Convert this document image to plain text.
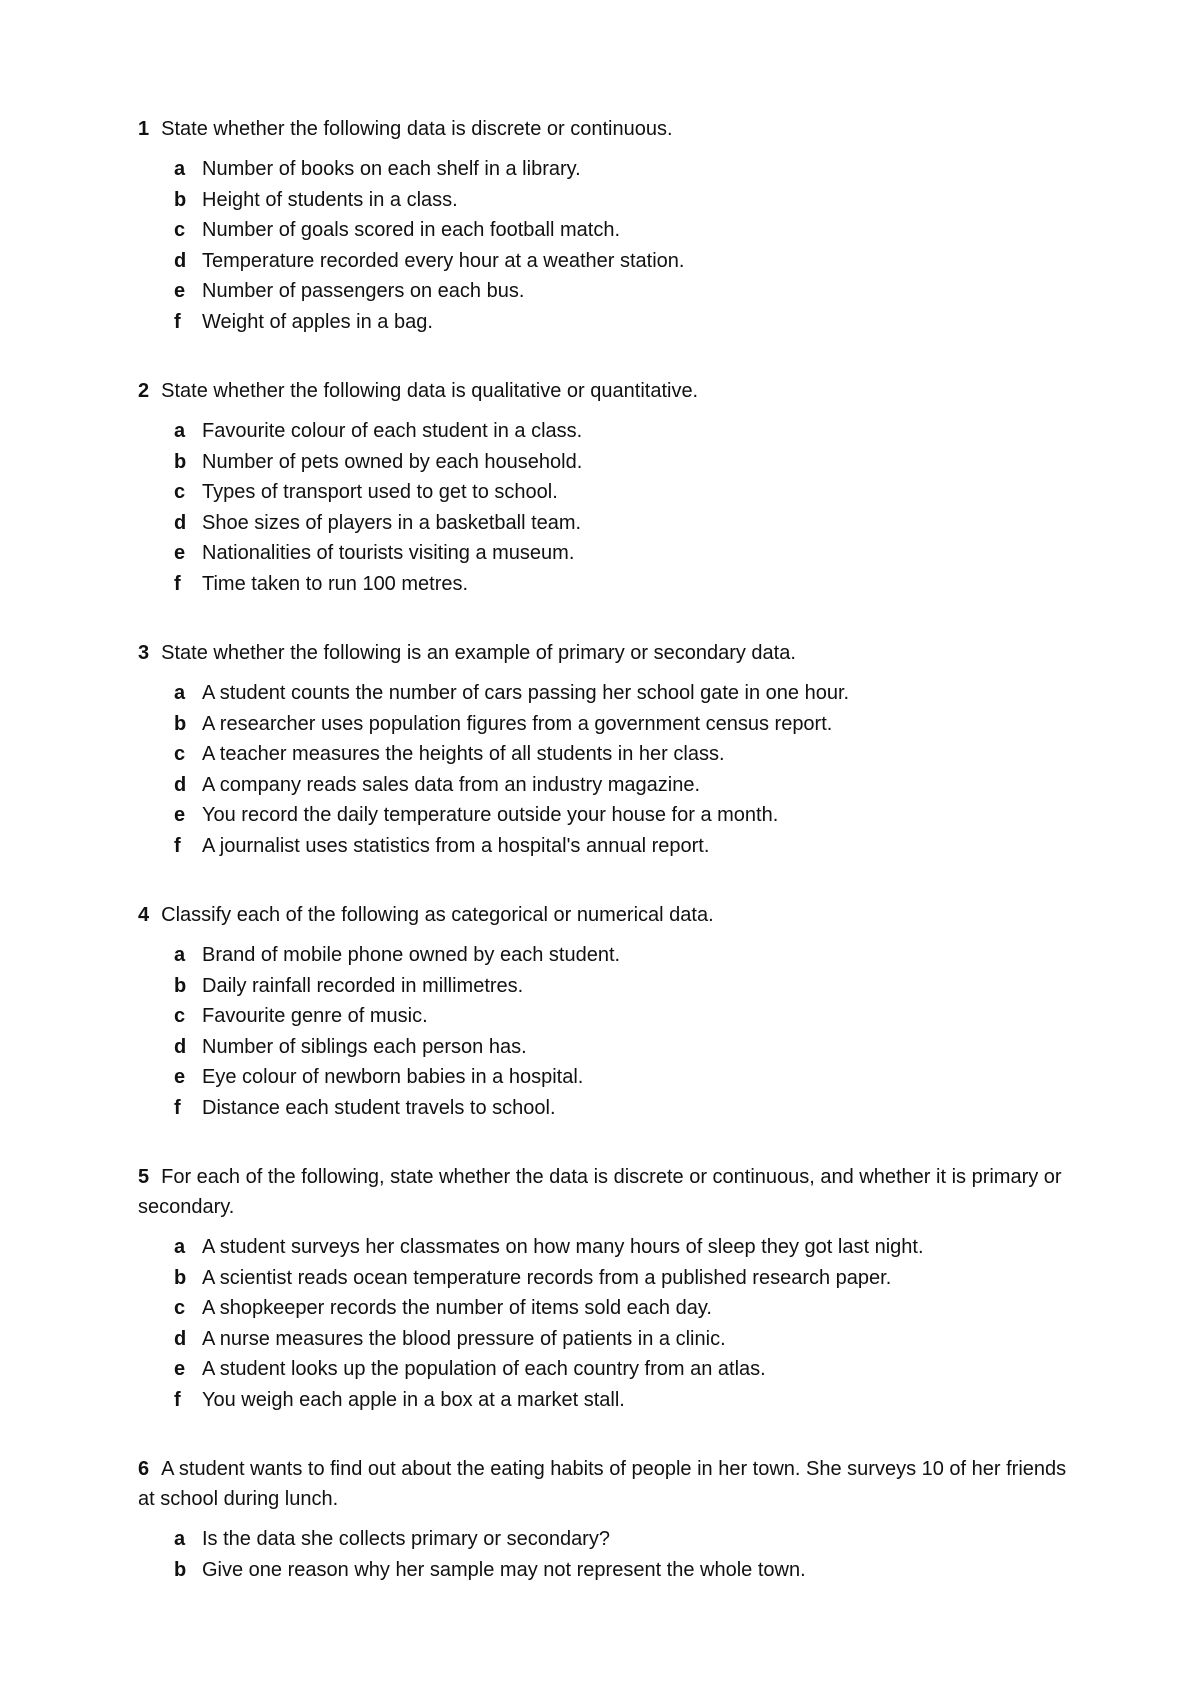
1 State whether the following data is discrete or continuous.

a Number of books on each shelf in a library.
b Height of students in a class.
c Number of goals scored in each football match.
d Temperature recorded every hour at a weather station.
e Number of passengers on each bus.
f Weight of apples in a bag.

2 State whether the following data is qualitative or quantitative.

a Favourite colour of each student in a class.
b Number of pets owned by each household.
c Types of transport used to get to school.
d Shoe sizes of players in a basketball team.
e Nationalities of tourists visiting a museum.
f Time taken to run 100 metres.

3 State whether the following is an example of primary or secondary data.

a A student counts the number of cars passing her school gate in one hour.
b A researcher uses population figures from a government census report.
c A teacher measures the heights of all students in her class.
d A company reads sales data from an industry magazine.
e You record the daily temperature outside your house for a month.
f A journalist uses statistics from a hospital's annual report.

4 Classify each of the following as categorical or numerical data.

a Brand of mobile phone owned by each student.
b Daily rainfall recorded in millimetres.
c Favourite genre of music.
d Number of siblings each person has.
e Eye colour of newborn babies in a hospital.
f Distance each student travels to school.

5 For each of the following, state whether the data is discrete or continuous, and whether it is primary or secondary.

a A student surveys her classmates on how many hours of sleep they got last night.
b A scientist reads ocean temperature records from a published research paper.
c A shopkeeper records the number of items sold each day.
d A nurse measures the blood pressure of patients in a clinic.
e A student looks up the population of each country from an atlas.
f You weigh each apple in a box at a market stall.

6 A student wants to find out about the eating habits of people in her town. She surveys 10 of her friends at school during lunch.

a Is the data she collects primary or secondary?
b Give one reason why her sample may not represent the whole town.
